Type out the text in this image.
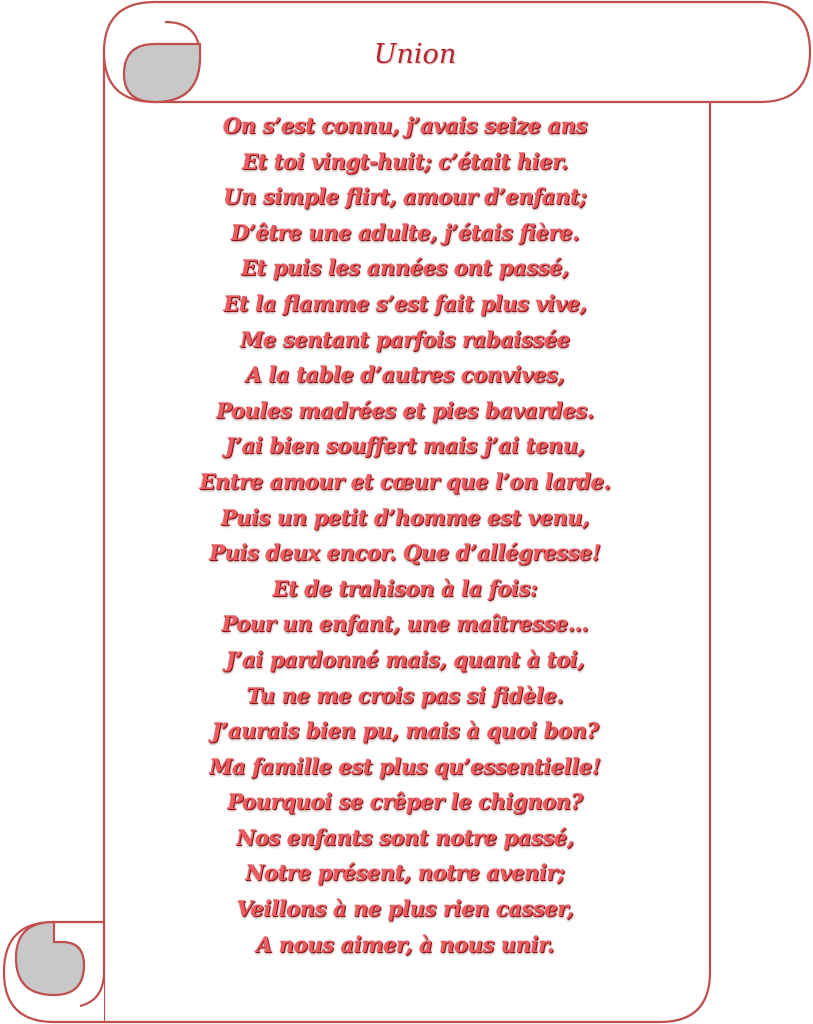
Union
On s’est connu, j’avais seize ans
Et toi vingt-huit; c’était hier.
Un simple flirt, amour d’enfant;
D’être une adulte, j’étais fière.
Et puis les années ont passé,
Et la flamme s’est fait plus vive,
Me sentant parfois rabaissée
A la table d’autres convives,
Poules madrées et pies bavardes.
J’ai bien souffert mais j’ai tenu,
Entre amour et cœur que l’on larde.
Puis un petit d’homme est venu,
Puis deux encor. Que d’allégresse!
Et de trahison à la fois:
Pour un enfant, une maîtresse…
J’ai pardonné mais, quant à toi,
Tu ne me crois pas si fidèle.
J’aurais bien pu, mais à quoi bon?
Ma famille est plus qu’essentielle!
Pourquoi se crêper le chignon?
Nos enfants sont notre passé,
Notre présent, notre avenir;
Veillons à ne plus rien casser,
A nous aimer, à nous unir.
